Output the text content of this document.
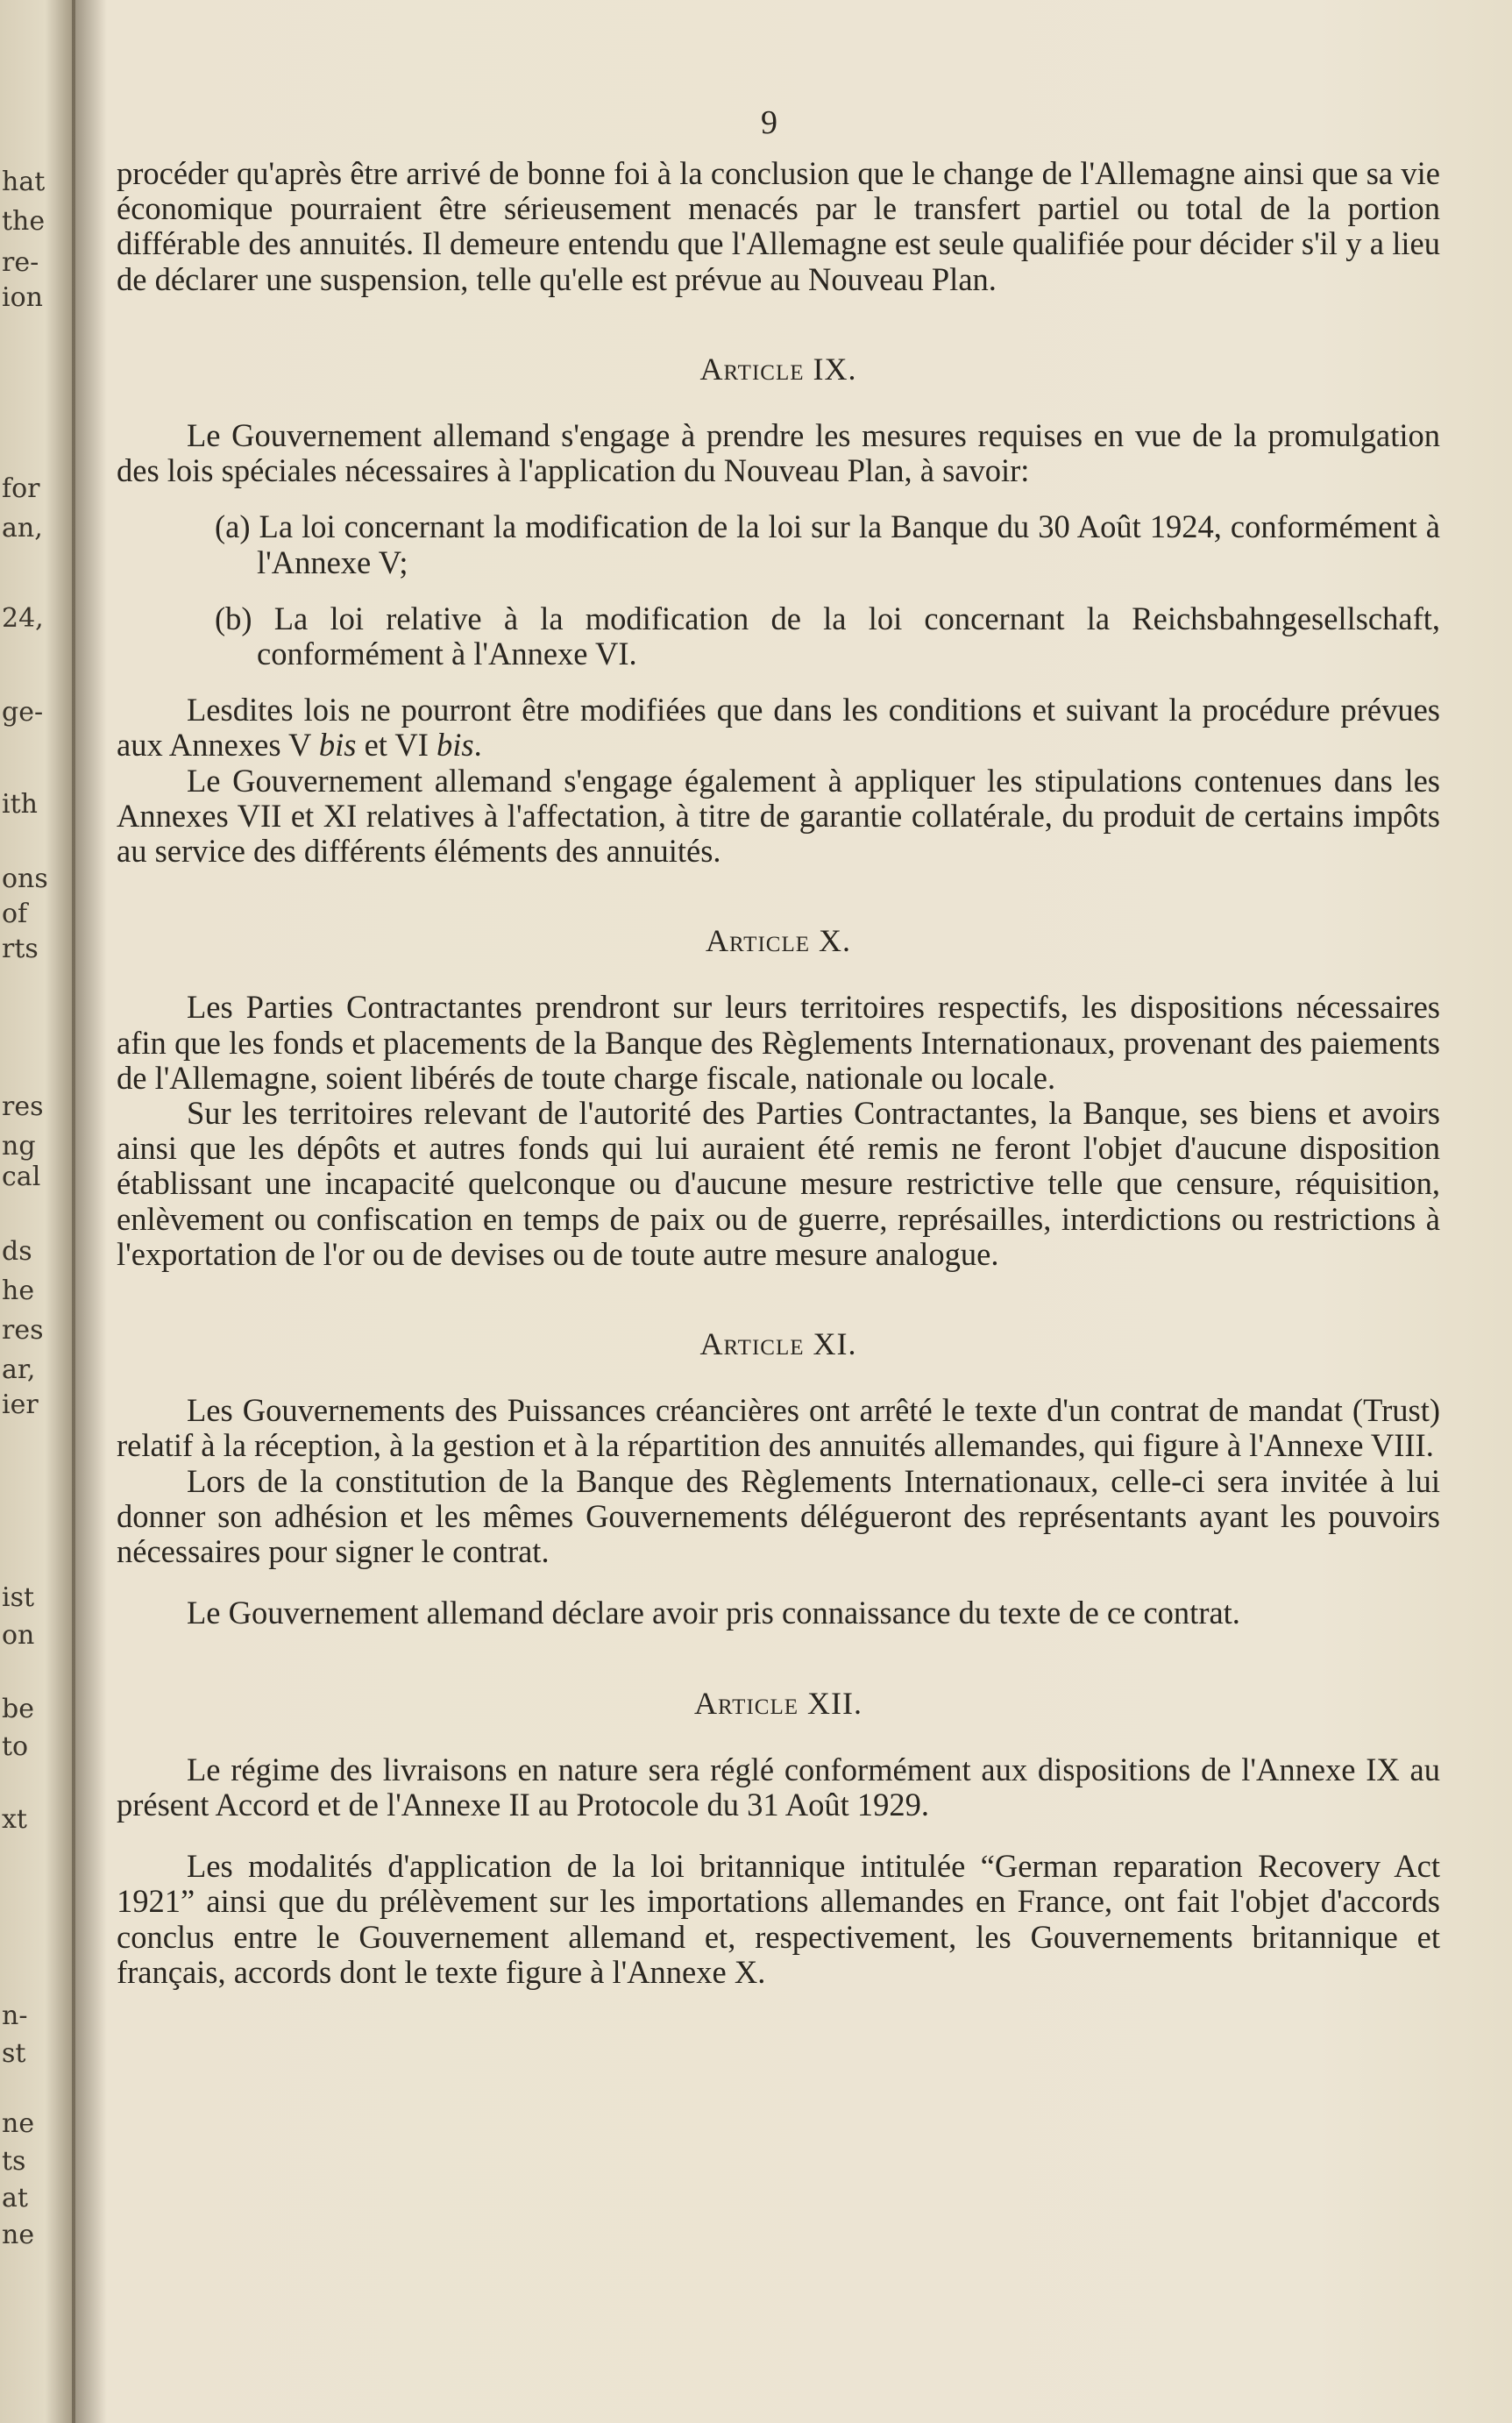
hat
the
re-
ion
for
an,
24,
ge-
ith
ons
of
rts
res
ng
cal
ds
he
res
ar,
ier
ist
on
be
to
xt
n-
st
ne
ts
at
ne
9

procéder qu'après être arrivé de bonne foi à la conclusion que le change de l'Allemagne ainsi que sa vie économique pourraient être sérieusement menacés par le transfert partiel ou total de la portion différable des annuités. Il demeure entendu que l'Allemagne est seule qualifiée pour décider s'il y a lieu de déclarer une suspension, telle qu'elle est prévue au Nouveau Plan.

Article IX.

Le Gouvernement allemand s'engage à prendre les mesures requises en vue de la promulgation des lois spéciales nécessaires à l'application du Nouveau Plan, à savoir:

(a) La loi concernant la modification de la loi sur la Banque du 30 Août 1924, conformément à l'Annexe V;

(b) La loi relative à la modification de la loi concernant la Reichsbahngesellschaft, conformément à l'Annexe VI.

Lesdites lois ne pourront être modifiées que dans les conditions et suivant la procédure prévues aux Annexes V bis et VI bis.

Le Gouvernement allemand s'engage également à appliquer les stipulations contenues dans les Annexes VII et XI relatives à l'affectation, à titre de garantie collatérale, du produit de certains impôts au service des différents éléments des annuités.

Article X.

Les Parties Contractantes prendront sur leurs territoires respectifs, les dispositions nécessaires afin que les fonds et placements de la Banque des Règlements Internationaux, provenant des paiements de l'Allemagne, soient libérés de toute charge fiscale, nationale ou locale.

Sur les territoires relevant de l'autorité des Parties Contractantes, la Banque, ses biens et avoirs ainsi que les dépôts et autres fonds qui lui auraient été remis ne feront l'objet d'aucune disposition établissant une incapacité quelconque ou d'aucune mesure restrictive telle que censure, réquisition, enlèvement ou confiscation en temps de paix ou de guerre, représailles, interdictions ou restrictions à l'exportation de l'or ou de devises ou de toute autre mesure analogue.

Article XI.

Les Gouvernements des Puissances créancières ont arrêté le texte d'un contrat de mandat (Trust) relatif à la réception, à la gestion et à la répartition des annuités allemandes, qui figure à l'Annexe VIII.

Lors de la constitution de la Banque des Règlements Internationaux, celle-ci sera invitée à lui donner son adhésion et les mêmes Gouvernements délégueront des représentants ayant les pouvoirs nécessaires pour signer le contrat.

Le Gouvernement allemand déclare avoir pris connaissance du texte de ce contrat.

Article XII.

Le régime des livraisons en nature sera réglé conformément aux dispositions de l'Annexe IX au présent Accord et de l'Annexe II au Protocole du 31 Août 1929.

Les modalités d'application de la loi britannique intitulée “German reparation Recovery Act 1921” ainsi que du prélèvement sur les importations allemandes en France, ont fait l'objet d'accords conclus entre le Gouvernement allemand et, respectivement, les Gouvernements britannique et français, accords dont le texte figure à l'Annexe X.
